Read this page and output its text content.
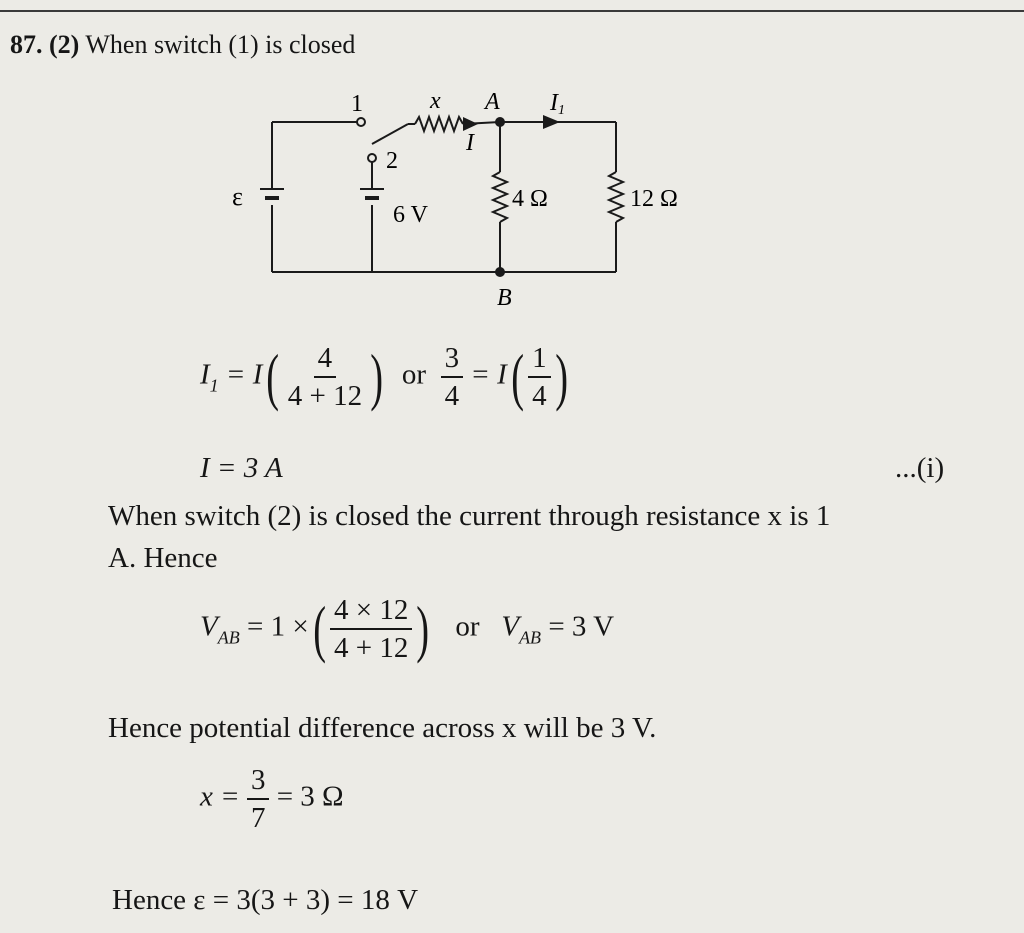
87. (2) When switch (1) is closed
1
2
x A
I
I1
ε
6 V
4 Ω	12 Ω
B
$I_1 = I( \frac{4}{4 + 12}$ ) or $\frac{3}{4} = I( \frac{1}{4}$ )
I = 3 A	...(i)
When switch (2) is closed the current through resistance x is 1
A. Hence
$V_{AB} = 1$ ×( $\frac{4 \times 12}{4 + 12}$ ) or $V_{AB} = 3$ V
Hence potential difference across x will be 3 V.
$x = \frac{3}{7} = 3$ Ω
Hence ε = 3(3 + 3) = 18 V
